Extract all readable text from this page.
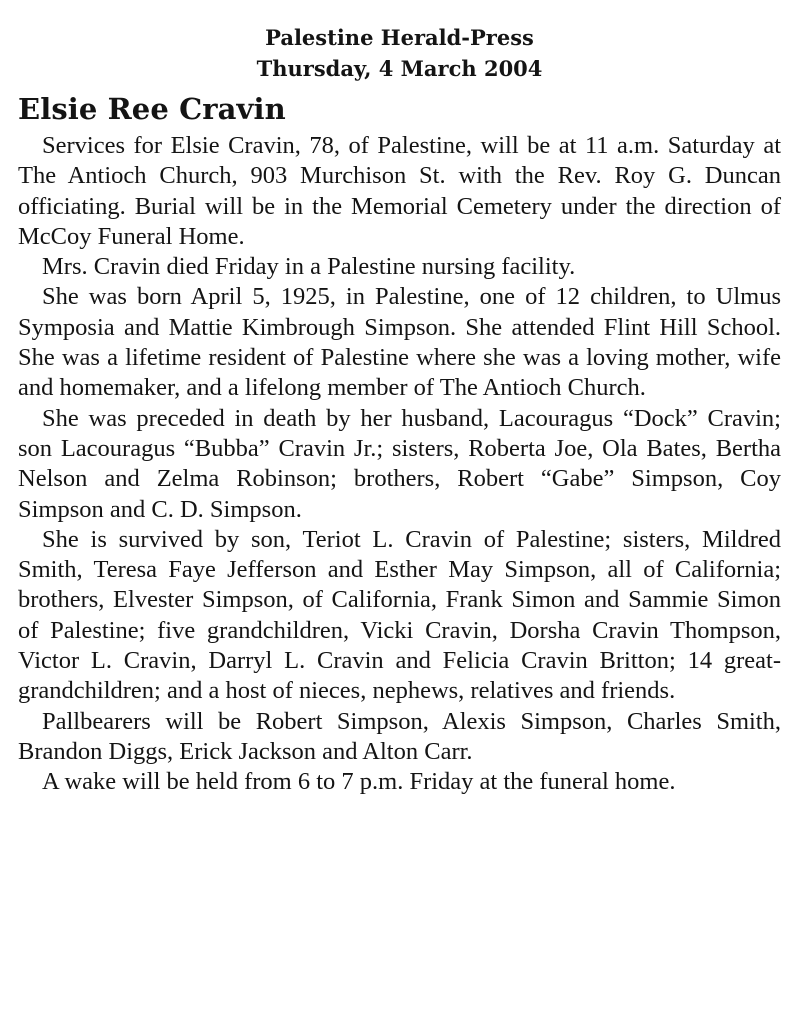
Palestine Herald-Press
Thursday, 4 March 2004
Elsie Ree Cravin

Services for Elsie Cravin, 78, of Palestine, will be at 11 a.m. Saturday at The Antioch Church, 903 Murchison St. with the Rev. Roy G. Duncan officiating. Burial will be in the Memorial Cemetery under the direction of McCoy Funeral Home.

Mrs. Cravin died Friday in a Palestine nursing facility.

She was born April 5, 1925, in Palestine, one of 12 children, to Ulmus Symposia and Mattie Kimbrough Simpson. She attended Flint Hill School. She was a lifetime resident of Palestine where she was a loving mother, wife and homemaker, and a lifelong member of The Antioch Church.

She was preceded in death by her husband, Lacouragus “Dock” Cravin; son Lacouragus “Bubba” Cravin Jr.; sisters, Roberta Joe, Ola Bates, Bertha Nelson and Zelma Robinson; brothers, Robert “Gabe” Simpson, Coy Simpson and C. D. Simpson.

She is survived by son, Teriot L. Cravin of Palestine; sisters, Mildred Smith, Teresa Faye Jefferson and Esther May Simpson, all of California; brothers, Elvester Simpson, of California, Frank Simon and Sammie Simon of Palestine; five grandchildren, Vicki Cravin, Dorsha Cravin Thompson, Victor L. Cravin, Darryl L. Cravin and Felicia Cravin Britton; 14 great-grandchildren; and a host of nieces, nephews, relatives and friends.

Pallbearers will be Robert Simpson, Alexis Simpson, Charles Smith, Brandon Diggs, Erick Jackson and Alton Carr.

A wake will be held from 6 to 7 p.m. Friday at the funeral home.
